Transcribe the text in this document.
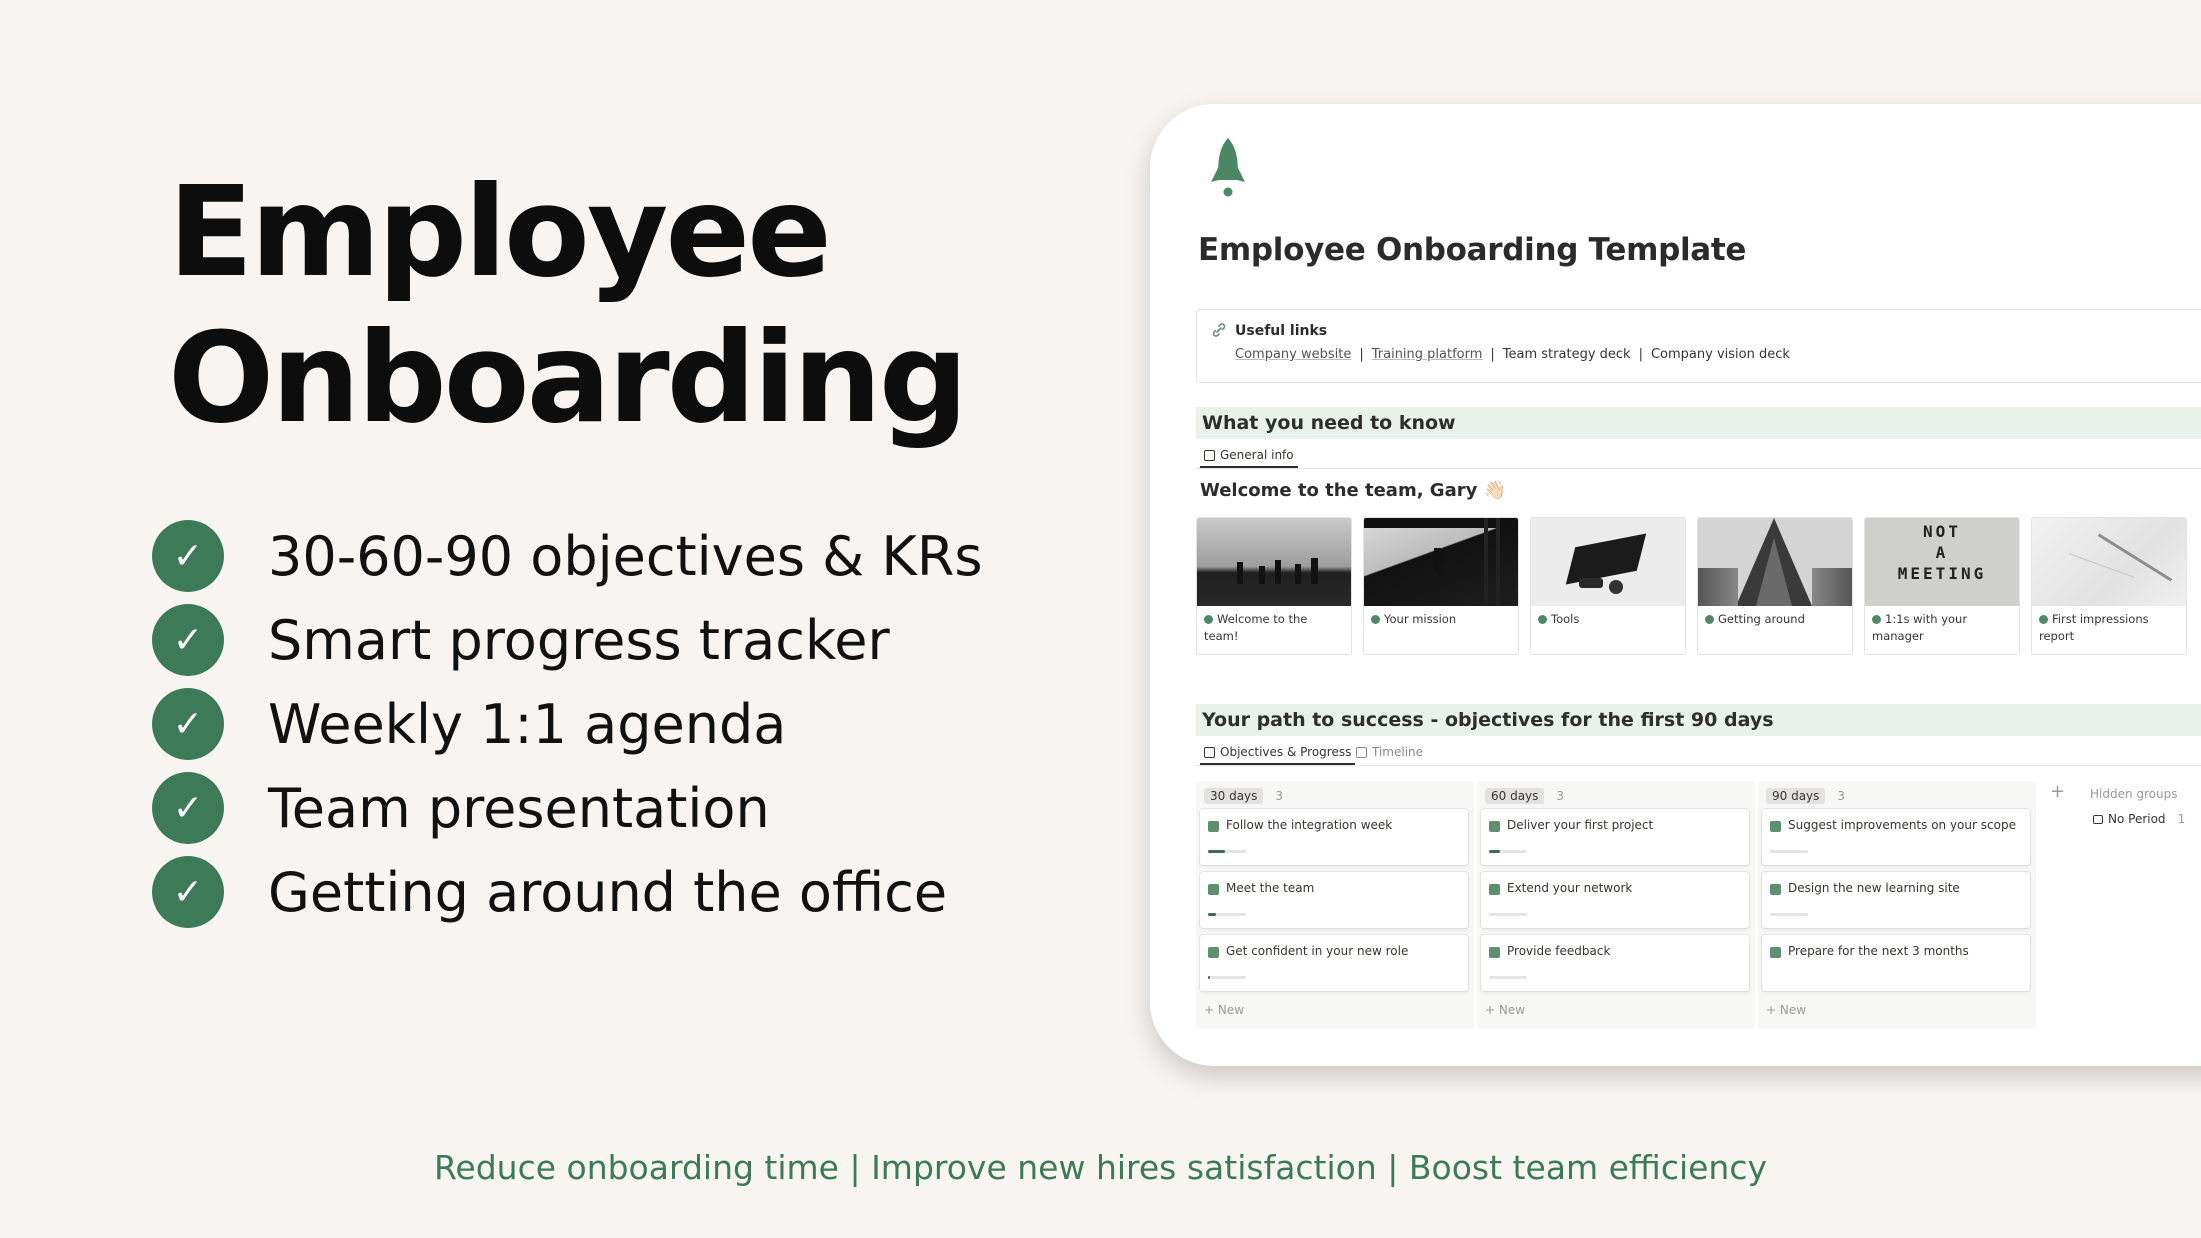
Employee
Onboarding
✓	30-60-90 objectives & KRs
✓	Smart progress tracker
✓	Weekly 1:1 agenda
✓	Team presentation
✓	Getting around the office
Reduce onboarding time | Improve new hires satisfaction | Boost team efficiency
Employee Onboarding Template
Useful links
Company website | Training platform | Team strategy deck | Company vision deck
What you need to know
General info
Welcome to the team, Gary 👋🏻
Welcome to the team!
Your mission	Tools	Getting around
NOT
A
MEETING
1:1s with your manager
First impressions report
Your path to success - objectives for the first 90 days
Objectives & Progress Timeline
30 days	3
Follow the integration week
Meet the team
Get confident in your new role
+ New
60 days	3
Deliver your first project
Extend your network
Provide feedback
+ New
90 days	3
Suggest improvements on your scope
Design the new learning site
Prepare for the next 3 months
+ New
+ Hidden groups
No Period 1
